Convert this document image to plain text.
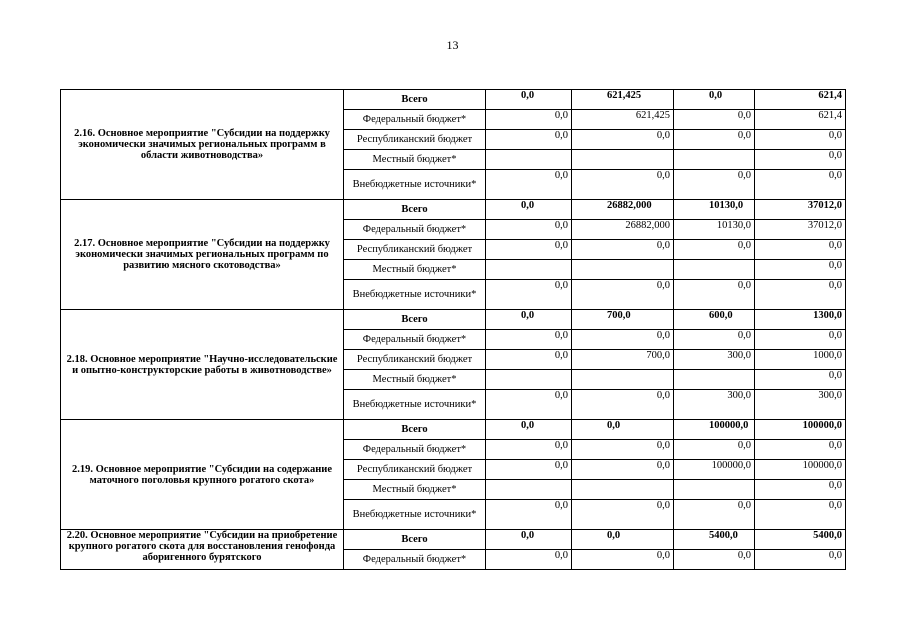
13
2.16. Основное мероприятие "Субсидии на поддержку экономически значимых региональных программ в области животноводства»	Всего	0,0	621,425	0,0	621,4
	Федеральный бюджет*	0,0	621,425	0,0	621,4
	Республиканский бюджет	0,0	0,0	0,0	0,0
	Местный бюджет*				0,0
	Внебюджетные источники*	0,0	0,0	0,0	0,0
2.17. Основное мероприятие "Субсидии на поддержку экономически значимых региональных программ по развитию мясного скотоводства»	Всего	0,0	26882,000	10130,0	37012,0
	Федеральный бюджет*	0,0	26882,000	10130,0	37012,0
	Республиканский бюджет	0,0	0,0	0,0	0,0
	Местный бюджет*				0,0
	Внебюджетные источники*	0,0	0,0	0,0	0,0
2.18. Основное мероприятие "Научно-исследовательские и опытно-конструкторские работы в животноводстве»	Всего	0,0	700,0	600,0	1300,0
	Федеральный бюджет*	0,0	0,0	0,0	0,0
	Республиканский бюджет	0,0	700,0	300,0	1000,0
	Местный бюджет*				0,0
	Внебюджетные источники*	0,0	0,0	300,0	300,0
2.19. Основное мероприятие "Субсидии на содержание маточного поголовья крупного рогатого скота»	Всего	0,0	0,0	100000,0	100000,0
	Федеральный бюджет*	0,0	0,0	0,0	0,0
	Республиканский бюджет	0,0	0,0	100000,0	100000,0
	Местный бюджет*				0,0
	Внебюджетные источники*	0,0	0,0	0,0	0,0
2.20. Основное мероприятие "Субсидии на приобретение крупного рогатого скота для восстановления генофонда аборигенного бурятского	Всего	0,0	0,0	5400,0	5400,0
	Федеральный бюджет*	0,0	0,0	0,0	0,0
